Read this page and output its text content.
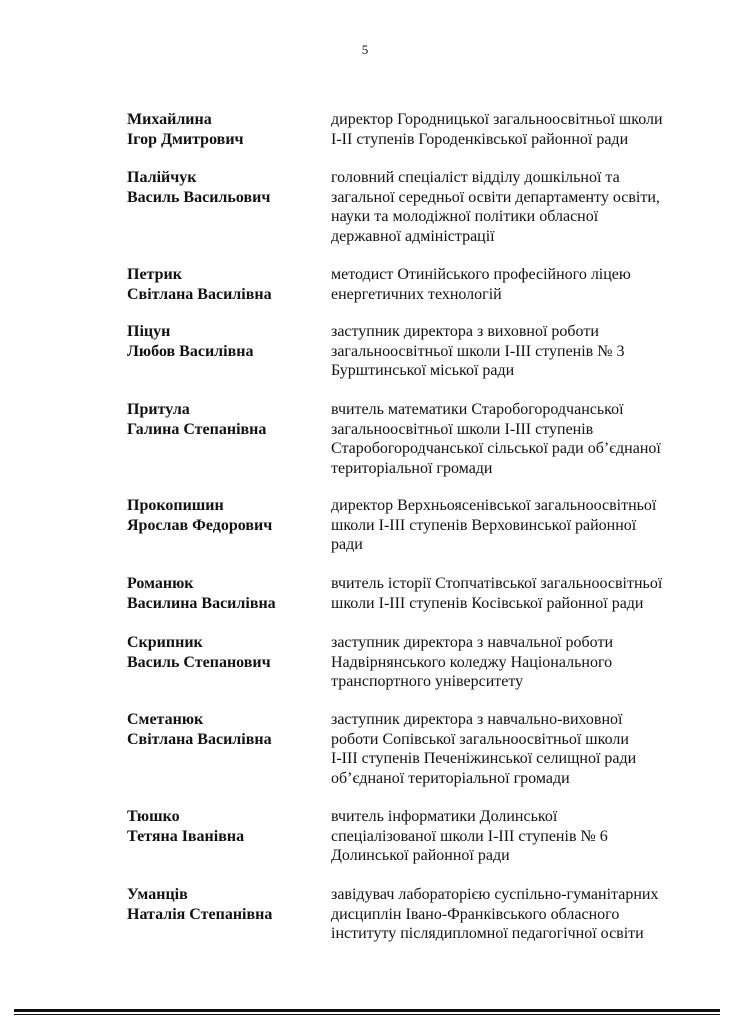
5
Михайлина
Ігор Дмитрович
директор Городницької загальноосвітньої школи
І-ІІ ступенів Городенківської районної ради
Палійчук
Василь Васильович
головний спеціаліст відділу дошкільної та
загальної середньої освіти департаменту освіти,
науки та молодіжної політики обласної
державної адміністрації
Петрик
Світлана Василівна
методист Отинійського професійного ліцею
енергетичних технологій
Піцун
Любов Василівна
заступник директора з виховної роботи
загальноосвітньої школи І-ІІІ ступенів № 3
Бурштинської міської ради
Притула
Галина Степанівна
вчитель математики Старобогородчанської
загальноосвітньої школи І-ІІІ ступенів
Старобогородчанської сільської ради об’єднаної
територіальної громади
Прокопишин
Ярослав Федорович
директор Верхньоясенівської загальноосвітньої
школи І-ІІІ ступенів Верховинської районної
ради
Романюк
Василина Василівна
вчитель історії Стопчатівської загальноосвітньої
школи І-ІІІ ступенів Косівської районної ради
Скрипник
Василь Степанович
заступник директора з навчальної роботи
Надвірнянського коледжу Національного
транспортного університету
Сметанюк
Світлана Василівна
заступник директора з навчально-виховної
роботи Сопівської загальноосвітньої школи
І-ІІІ ступенів Печеніжинської селищної ради
об’єднаної територіальної громади
Тюшко
Тетяна Іванівна
вчитель інформатики Долинської
спеціалізованої школи І-ІІІ ступенів № 6
Долинської районної ради
Уманців
Наталія Степанівна
завідувач лабораторією суспільно-гуманітарних
дисциплін Івано-Франківського обласного
інституту післядипломної педагогічної освіти
